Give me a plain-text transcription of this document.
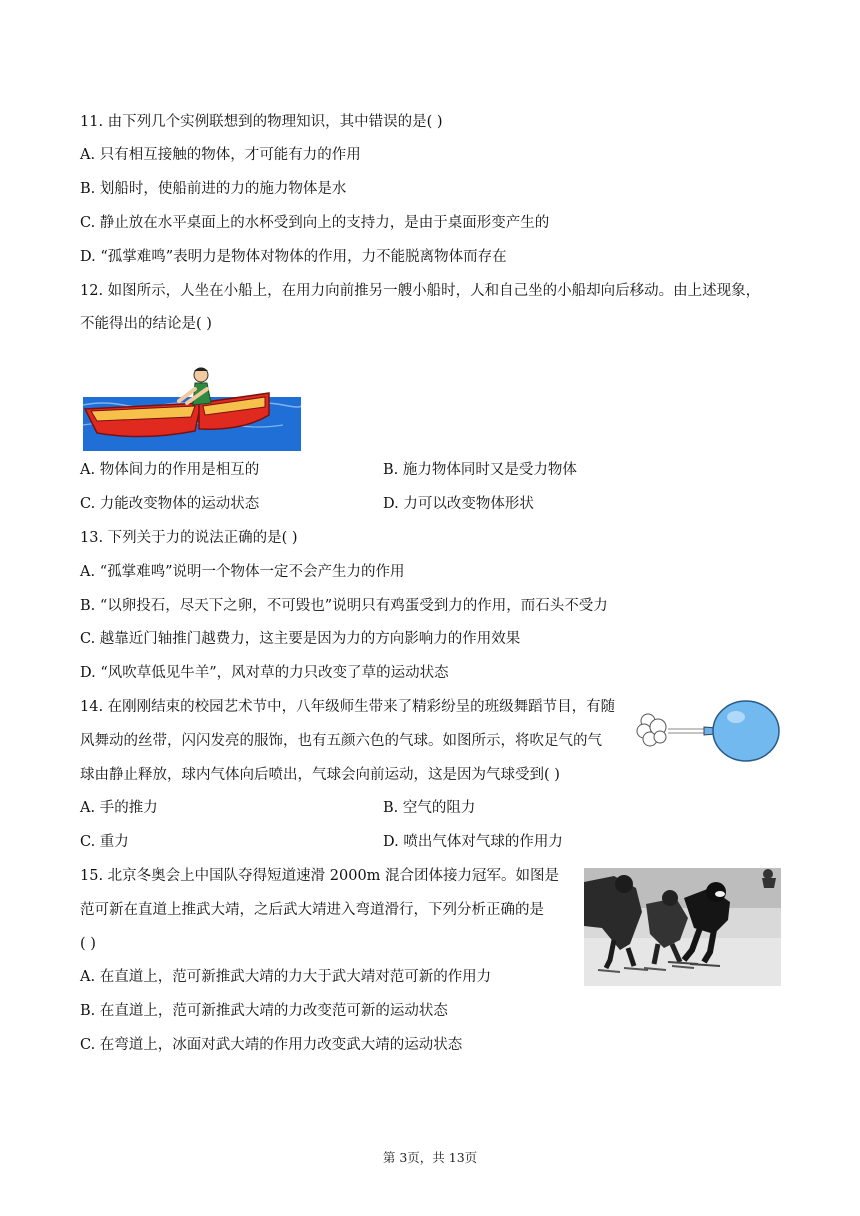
11. 由下列几个实例联想到的物理知识，其中错误的是( )
A. 只有相互接触的物体，才可能有力的作用
B. 划船时，使船前进的力的施力物体是水
C. 静止放在水平桌面上的水杯受到向上的支持力，是由于桌面形变产生的
D. “孤掌难鸣”表明力是物体对物体的作用，力不能脱离物体而存在
12. 如图所示，人坐在小船上，在用力向前推另一艘小船时，人和自己坐的小船却向后移动。由上述现象，
不能得出的结论是( )
A. 物体间力的作用是相互的	B. 施力物体同时又是受力物体
C. 力能改变物体的运动状态	D. 力可以改变物体形状
13. 下列关于力的说法正确的是( )
A. “孤掌难鸣”说明一个物体一定不会产生力的作用
B. “以卵投石，尽天下之卵，不可毁也”说明只有鸡蛋受到力的作用，而石头不受力
C. 越靠近门轴推门越费力，这主要是因为力的方向影响力的作用效果
D. “风吹草低见牛羊”，风对草的力只改变了草的运动状态
14. 在刚刚结束的校园艺术节中，八年级师生带来了精彩纷呈的班级舞蹈节目，有随
风舞动的丝带，闪闪发亮的服饰，也有五颜六色的气球。如图所示，将吹足气的气
球由静止释放，球内气体向后喷出，气球会向前运动，这是因为气球受到( )
A. 手的推力	B. 空气的阻力
C. 重力	D. 喷出气体对气球的作用力
15. 北京冬奥会上中国队夺得短道速滑 2000m 混合团体接力冠军。如图是
范可新在直道上推武大靖，之后武大靖进入弯道滑行，下列分析正确的是
( )
A. 在直道上，范可新推武大靖的力大于武大靖对范可新的作用力
B. 在直道上，范可新推武大靖的力改变范可新的运动状态
C. 在弯道上，冰面对武大靖的作用力改变武大靖的运动状态
第 3页，共 13页
